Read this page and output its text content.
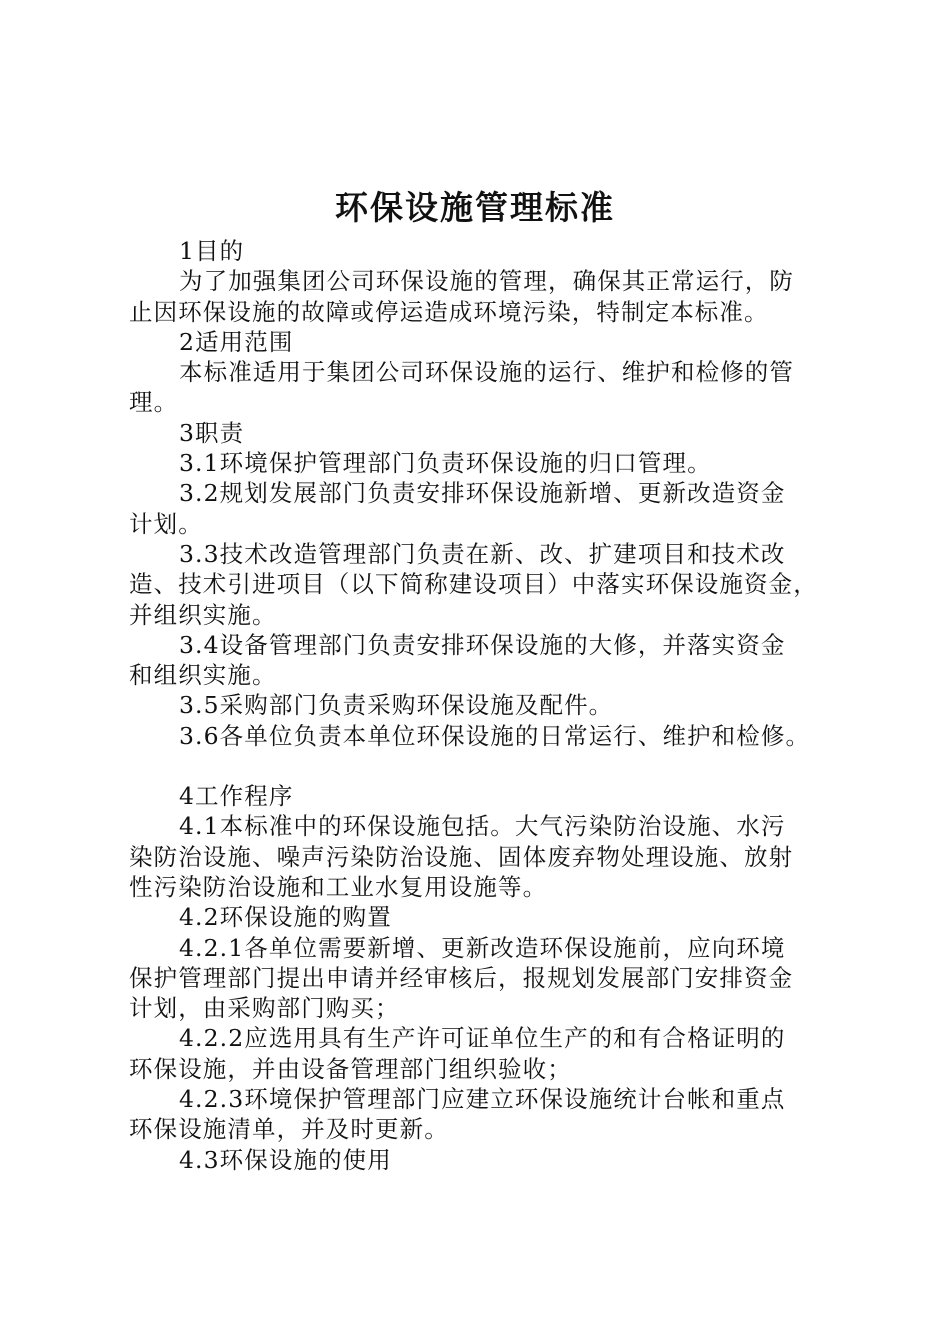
环保设施管理标准
1目的
为了加强集团公司环保设施的管理，确保其正常运行，防
止因环保设施的故障或停运造成环境污染，特制定本标准。
2适用范围
本标准适用于集团公司环保设施的运行、维护和检修的管
理。
3职责
3.1环境保护管理部门负责环保设施的归口管理。
3.2规划发展部门负责安排环保设施新增、更新改造资金
计划。
3.3技术改造管理部门负责在新、改、扩建项目和技术改
造、技术引进项目（以下简称建设项目）中落实环保设施资金，
并组织实施。
3.4设备管理部门负责安排环保设施的大修，并落实资金
和组织实施。
3.5采购部门负责采购环保设施及配件。
3.6各单位负责本单位环保设施的日常运行、维护和检修。
4工作程序
4.1本标准中的环保设施包括。大气污染防治设施、水污
染防治设施、噪声污染防治设施、固体废弃物处理设施、放射
性污染防治设施和工业水复用设施等。
4.2环保设施的购置
4.2.1各单位需要新增、更新改造环保设施前，应向环境
保护管理部门提出申请并经审核后，报规划发展部门安排资金
计划，由采购部门购买；
4.2.2应选用具有生产许可证单位生产的和有合格证明的
环保设施，并由设备管理部门组织验收；
4.2.3环境保护管理部门应建立环保设施统计台帐和重点
环保设施清单，并及时更新。
4.3环保设施的使用
